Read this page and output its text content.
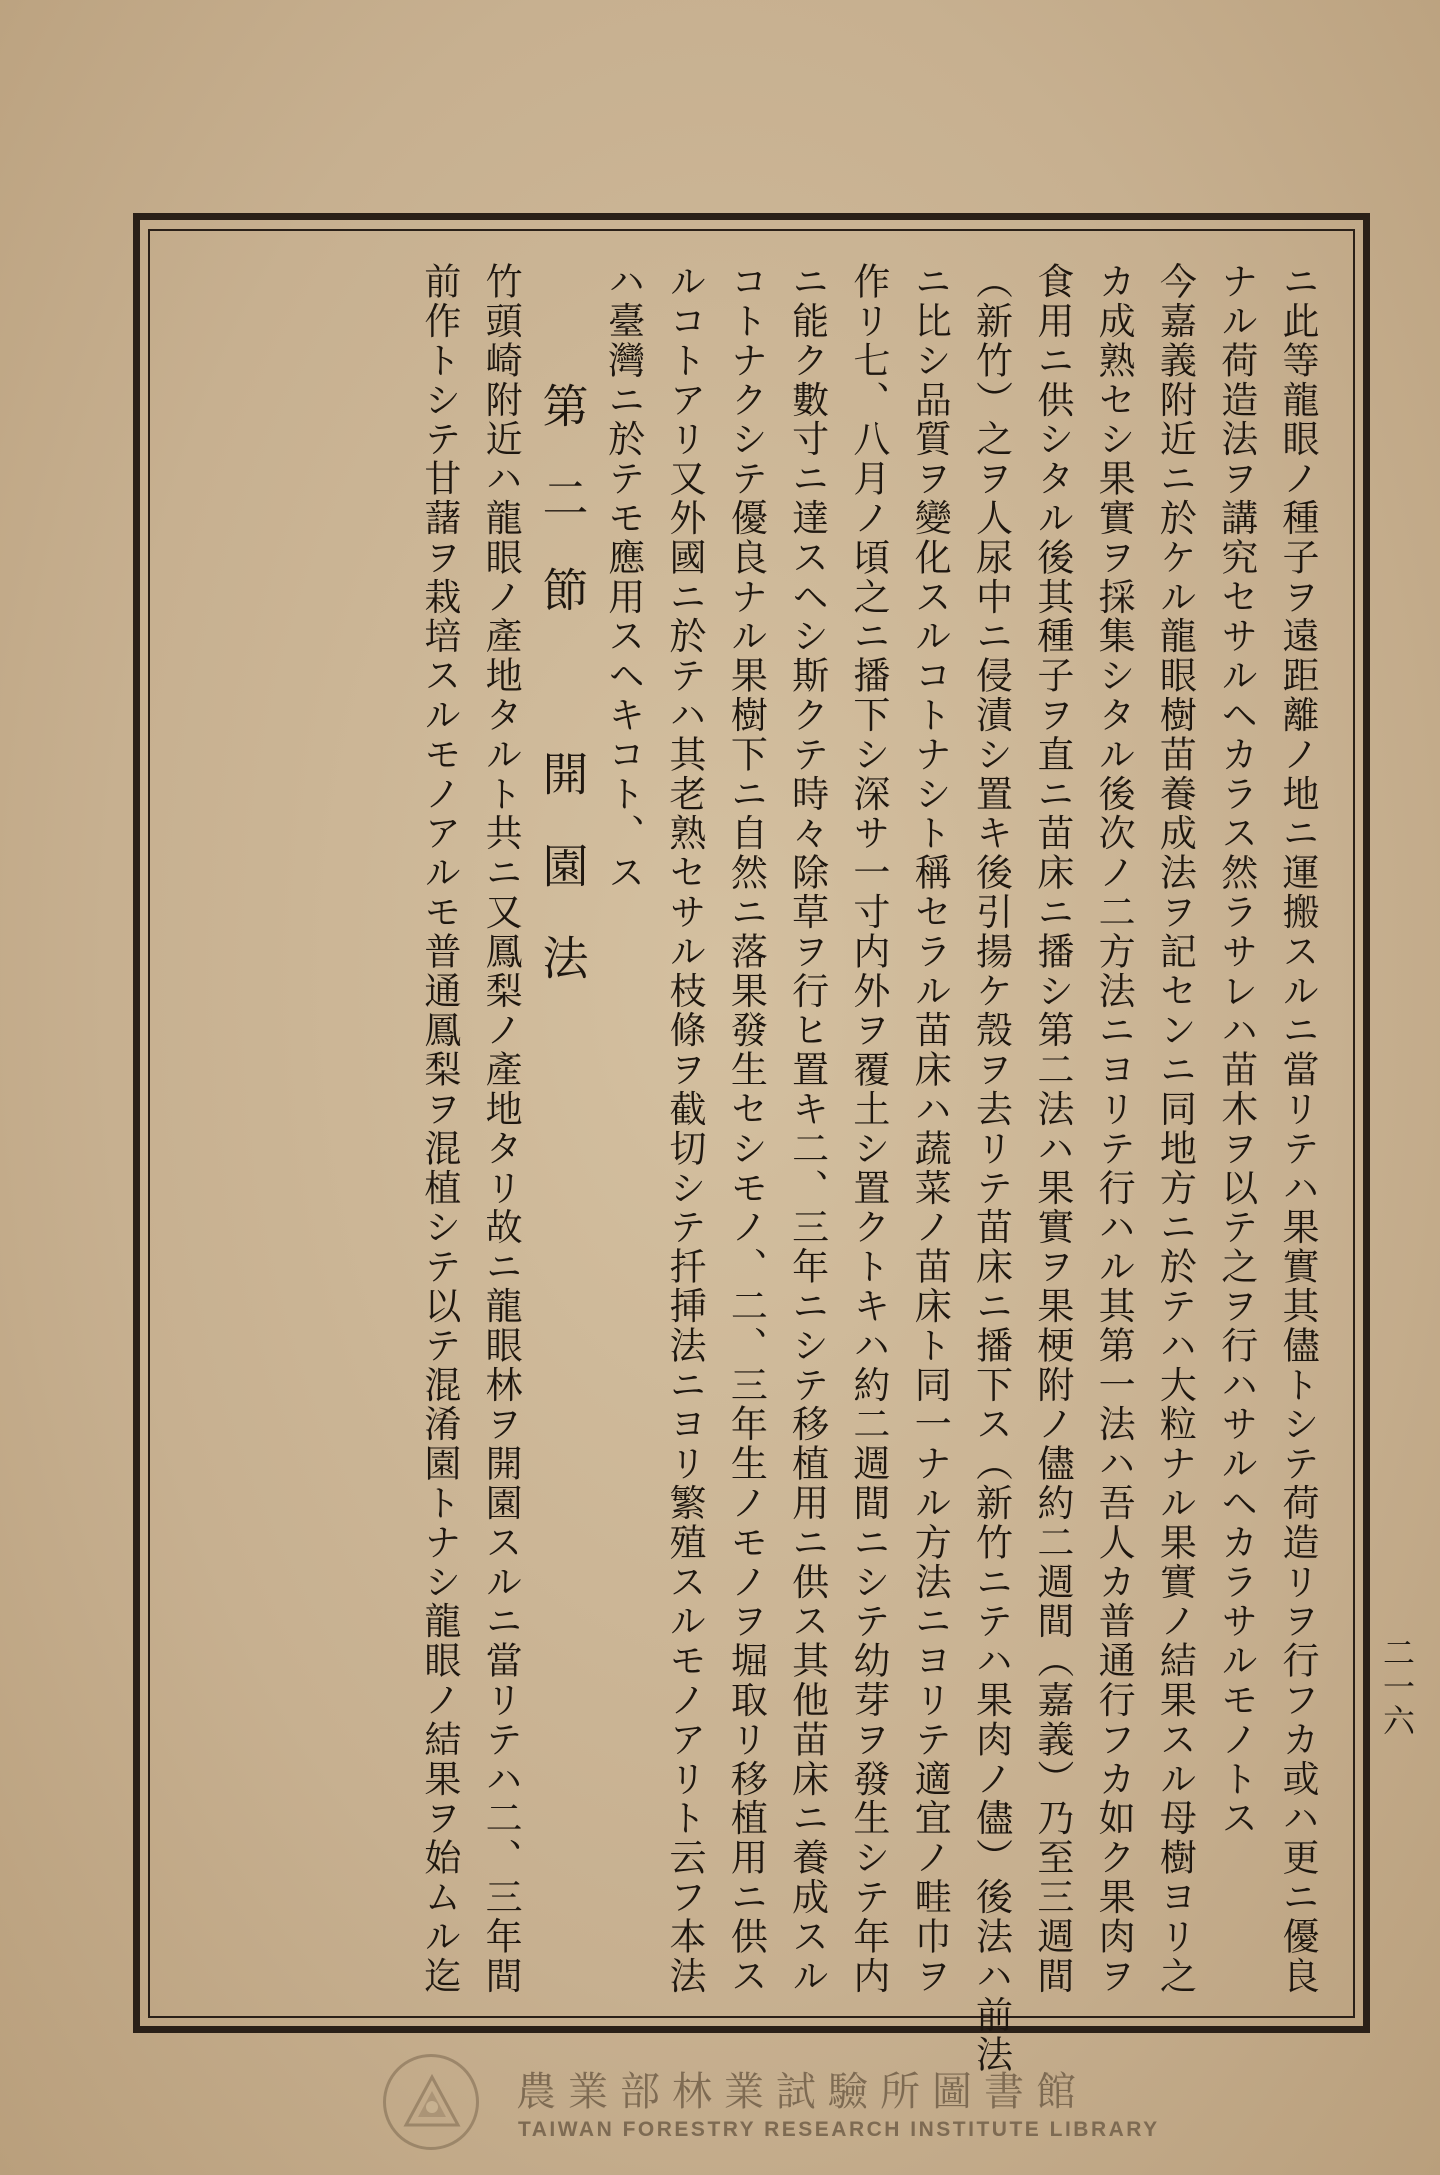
二一六
ニ此等龍眼ノ種子ヲ遠距離ノ地ニ運搬スルニ當リテハ果實其儘トシテ荷造リヲ行フカ或ハ更ニ優良
ナル荷造法ヲ講究セサルヘカラス然ラサレハ苗木ヲ以テ之ヲ行ハサルヘカラサルモノトス
今嘉義附近ニ於ケル龍眼樹苗養成法ヲ記センニ同地方ニ於テハ大粒ナル果實ノ結果スル母樹ヨリ之
カ成熟セシ果實ヲ採集シタル後次ノ二方法ニヨリテ行ハル其第一法ハ吾人カ普通行フカ如ク果肉ヲ
食用ニ供シタル後其種子ヲ直ニ苗床ニ播シ第二法ハ果實ヲ果梗附ノ儘約二週間（嘉義）乃至三週間
（新竹）之ヲ人尿中ニ侵漬シ置キ後引揚ケ殼ヲ去リテ苗床ニ播下ス（新竹ニテハ果肉ノ儘）後法ハ前法
ニ比シ品質ヲ變化スルコトナシト稱セラル苗床ハ蔬菜ノ苗床ト同一ナル方法ニヨリテ適宜ノ畦巾ヲ
作リ七、八月ノ頃之ニ播下シ深サ一寸内外ヲ覆土シ置クトキハ約二週間ニシテ幼芽ヲ發生シテ年内
ニ能ク數寸ニ達スヘシ斯クテ時々除草ヲ行ヒ置キ二、三年ニシテ移植用ニ供ス其他苗床ニ養成スル
コトナクシテ優良ナル果樹下ニ自然ニ落果發生セシモノ、二、三年生ノモノヲ堀取リ移植用ニ供ス
ルコトアリ又外國ニ於テハ其老熟セサル枝條ヲ截切シテ扦挿法ニヨリ繁殖スルモノアリト云フ本法
ハ臺灣ニ於テモ應用スヘキコト、ス
第二節　開園法
竹頭崎附近ハ龍眼ノ產地タルト共ニ又鳳梨ノ產地タリ故ニ龍眼林ヲ開園スルニ當リテハ二、三年間
前作トシテ甘藷ヲ栽培スルモノアルモ普通鳳梨ヲ混植シテ以テ混淆園トナシ龍眼ノ結果ヲ始ムル迄
農業部林業試驗所圖書館
TAIWAN FORESTRY RESEARCH INSTITUTE LIBRARY
